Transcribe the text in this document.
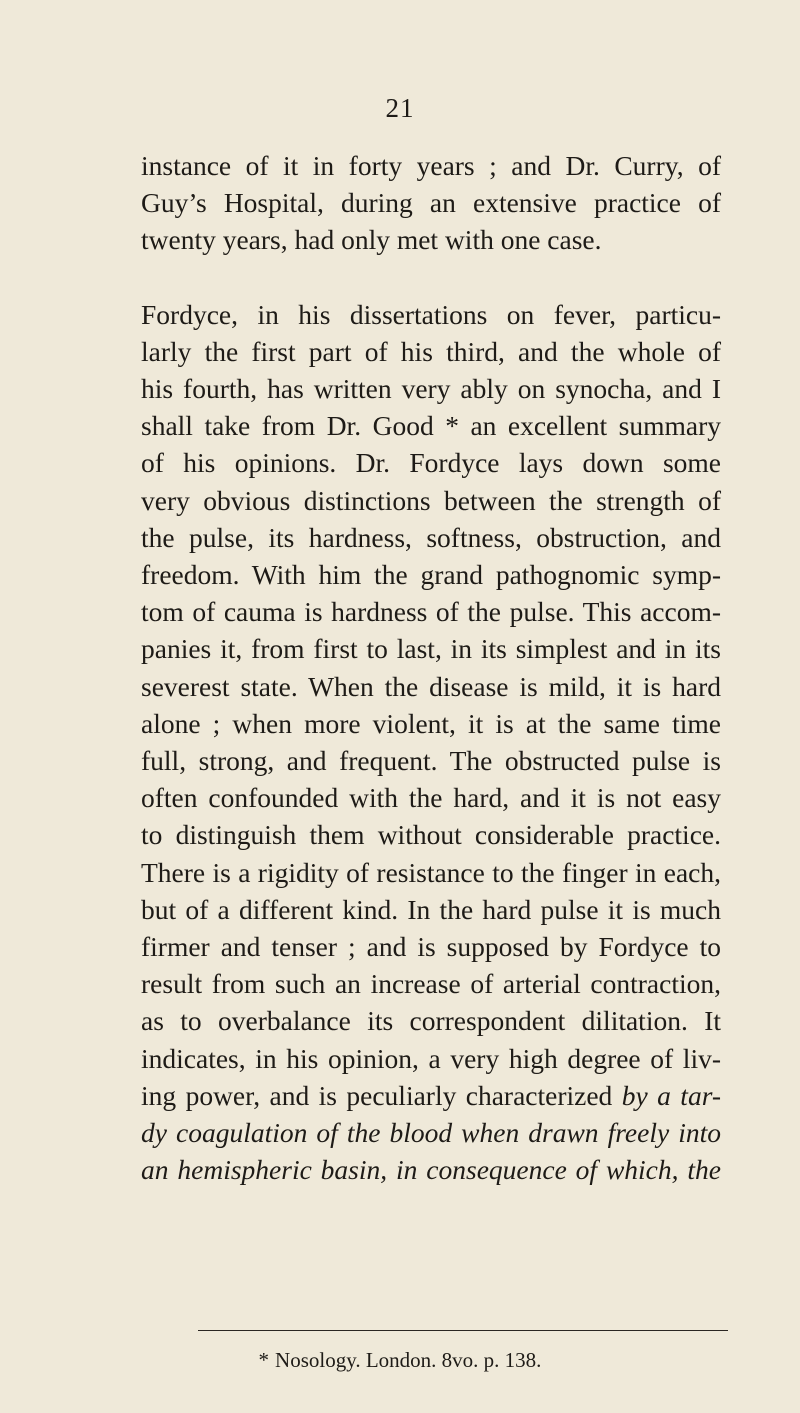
21
instance of it in forty years ; and Dr. Curry, of
Guy’s Hospital, during an extensive practice of
twenty years, had only met with one case.
Fordyce, in his dissertations on fever, particu-
larly the first part of his third, and the whole of
his fourth, has written very ably on synocha, and I
shall take from Dr. Good * an excellent summary
of his opinions. Dr. Fordyce lays down some
very obvious distinctions between the strength of
the pulse, its hardness, softness, obstruction, and
freedom. With him the grand pathognomic symp-
tom of cauma is hardness of the pulse. This accom-
panies it, from first to last, in its simplest and in its
severest state. When the disease is mild, it is hard
alone ; when more violent, it is at the same time
full, strong, and frequent. The obstructed pulse is
often confounded with the hard, and it is not easy
to distinguish them without considerable practice.
There is a rigidity of resistance to the finger in each,
but of a different kind. In the hard pulse it is much
firmer and tenser ; and is supposed by Fordyce to
result from such an increase of arterial contraction,
as to overbalance its correspondent dilitation. It
indicates, in his opinion, a very high degree of liv-
ing power, and is peculiarly characterized by a tar-
dy coagulation of the blood when drawn freely into
an hemispheric basin, in consequence of which, the
* Nosology. London. 8vo. p. 138.
